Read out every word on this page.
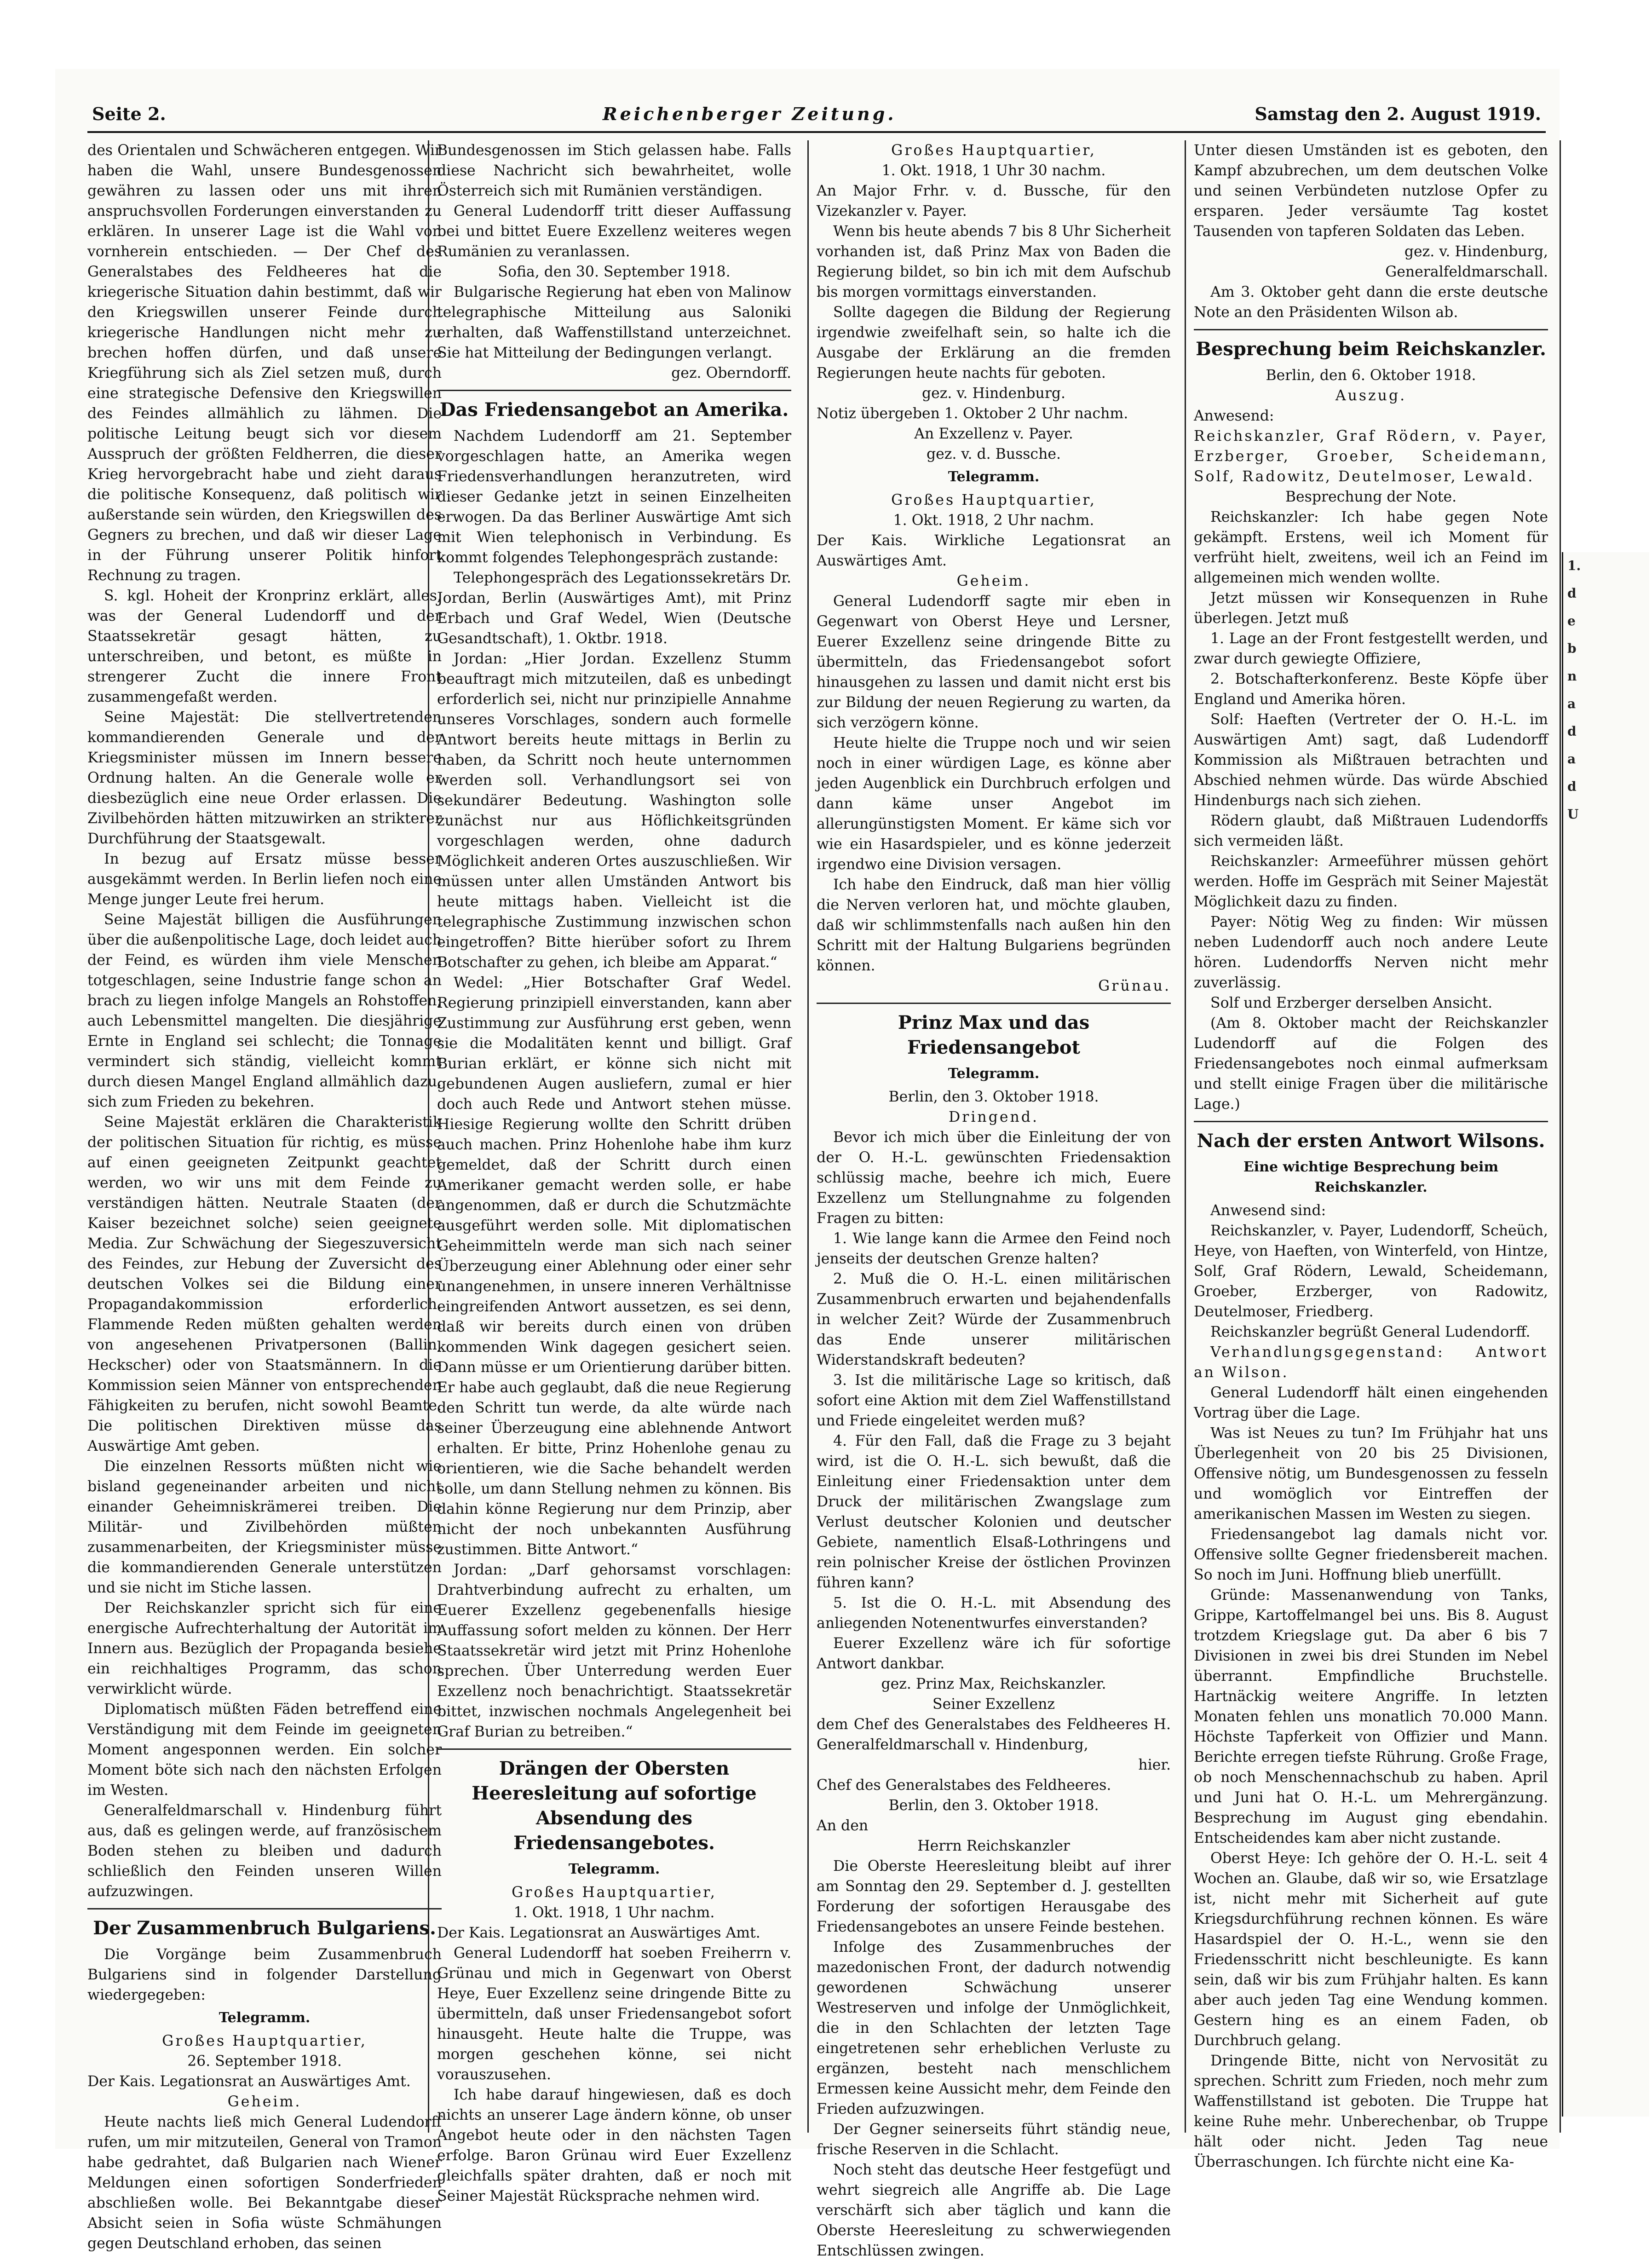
Seite 2.	Reichenberger Zeitung.	Samstag den 2. August 1919.

des Orientalen und Schwächeren entgegen. Wir haben die Wahl, unsere Bundesgenossen gewähren zu lassen oder uns mit ihren anspruchsvollen Forderungen einverstanden zu erklären. In unserer Lage ist die Wahl von vornherein entschieden. — Der Chef des Generalstabes des Feldheeres hat die kriegerische Situation dahin bestimmt, daß wir den Kriegswillen unserer Feinde durch kriegerische Handlungen nicht mehr zu brechen hoffen dürfen, und daß unsere Kriegführung sich als Ziel setzen muß, durch eine strategische Defensive den Kriegswillen des Feindes allmählich zu lähmen. Die politische Leitung beugt sich vor diesem Ausspruch der größten Feldherren, die dieser Krieg hervorgebracht habe und zieht daraus die politische Konsequenz, daß politisch wir außerstande sein würden, den Kriegswillen des Gegners zu brechen, und daß wir dieser Lage in der Führung unserer Politik hinfort Rechnung zu tragen.

S. kgl. Hoheit der Kronprinz erklärt, alles, was der General Ludendorff und der Staatssekretär gesagt hätten, zu unterschreiben, und betont, es müßte in strengerer Zucht die innere Front zusammengefaßt werden.

Seine Majestät: Die stellvertretenden kommandierenden Generale und der Kriegsminister müssen im Innern bessere Ordnung halten. An die Generale wolle er diesbezüglich eine neue Order erlassen. Die Zivilbehörden hätten mitzuwirken an strikterer Durchführung der Staatsgewalt.

In bezug auf Ersatz müsse besser ausgekämmt werden. In Berlin liefen noch eine Menge junger Leute frei herum.

Seine Majestät billigen die Ausführungen über die außenpolitische Lage, doch leidet auch der Feind, es würden ihm viele Menschen totgeschlagen, seine Industrie fange schon an brach zu liegen infolge Mangels an Rohstoffen; auch Lebensmittel mangelten. Die diesjährige Ernte in England sei schlecht; die Tonnage vermindert sich ständig, vielleicht kommt durch diesen Mangel England allmählich dazu, sich zum Frieden zu bekehren.

Seine Majestät erklären die Charakteristik der politischen Situation für richtig, es müsse auf einen geeigneten Zeitpunkt geachtet werden, wo wir uns mit dem Feinde zu verständigen hätten. Neutrale Staaten (der Kaiser bezeichnet solche) seien geeignete Media. Zur Schwächung der Siegeszuversicht des Feindes, zur Hebung der Zuversicht des deutschen Volkes sei die Bildung einer Propagandakommission erforderlich. Flammende Reden müßten gehalten werden von angesehenen Privatpersonen (Ballin, Heckscher) oder von Staatsmännern. In die Kommission seien Männer von entsprechenden Fähigkeiten zu berufen, nicht sowohl Beamte. Die politischen Direktiven müsse das Auswärtige Amt geben.

Die einzelnen Ressorts müßten nicht wie bisland gegeneinander arbeiten und nicht einander Geheimniskrämerei treiben. Die Militär- und Zivilbehörden müßten zusammenarbeiten, der Kriegsminister müsse die kommandierenden Generale unterstützen und sie nicht im Stiche lassen.

Der Reichskanzler spricht sich für eine energische Aufrechterhaltung der Autorität im Innern aus. Bezüglich der Propaganda besiehe ein reichhaltiges Programm, das schon verwirklicht würde.

Diplomatisch müßten Fäden betreffend eine Verständigung mit dem Feinde im geeigneten Moment angesponnen werden. Ein solcher Moment böte sich nach den nächsten Erfolgen im Westen.

Generalfeldmarschall v. Hindenburg führt aus, daß es gelingen werde, auf französischem Boden stehen zu bleiben und dadurch schließlich den Feinden unseren Willen aufzuzwingen.

Der Zusammenbruch Bulgariens.

Die Vorgänge beim Zusammenbruch Bulgariens sind in folgender Darstellung wiedergegeben:

Telegramm.
Großes Hauptquartier,
26. September 1918.

Der Kais. Legationsrat an Auswärtiges Amt.

Geheim.

Heute nachts ließ mich General Ludendorff rufen, um mir mitzuteilen, General von Tramon habe gedrahtet, daß Bulgarien nach Wiener Meldungen einen sofortigen Sonderfrieden abschließen wolle. Bei Bekanntgabe dieser Absicht seien in Sofia wüste Schmähungen gegen Deutschland erhoben, das seinen

Bundesgenossen im Stich gelassen habe. Falls diese Nachricht sich bewahrheitet, wolle Österreich sich mit Rumänien verständigen.

General Ludendorff tritt dieser Auffassung bei und bittet Euere Exzellenz weiteres wegen Rumänien zu veranlassen.

Sofia, den 30. September 1918.

Bulgarische Regierung hat eben von Malinow telegraphische Mitteilung aus Saloniki erhalten, daß Waffenstillstand unterzeichnet. Sie hat Mitteilung der Bedingungen verlangt.

gez. Oberndorff.
Das Friedensangebot an Amerika.

Nachdem Ludendorff am 21. September vorgeschlagen hatte, an Amerika wegen Friedensverhandlungen heranzutreten, wird dieser Gedanke jetzt in seinen Einzelheiten erwogen. Da das Berliner Auswärtige Amt sich mit Wien telephonisch in Verbindung. Es kommt folgendes Telephongespräch zustande:

Telephongespräch des Legationssekretärs Dr. Jordan, Berlin (Auswärtiges Amt), mit Prinz Erbach und Graf Wedel, Wien (Deutsche Gesandtschaft), 1. Oktbr. 1918.

Jordan: „Hier Jordan. Exzellenz Stumm beauftragt mich mitzuteilen, daß es unbedingt erforderlich sei, nicht nur prinzipielle Annahme unseres Vorschlages, sondern auch formelle Antwort bereits heute mittags in Berlin zu haben, da Schritt noch heute unternommen werden soll. Verhandlungsort sei von sekundärer Bedeutung. Washington solle zunächst nur aus Höflichkeitsgründen vorgeschlagen werden, ohne dadurch Möglichkeit anderen Ortes auszuschließen. Wir müssen unter allen Umständen Antwort bis heute mittags haben. Vielleicht ist die telegraphische Zustimmung inzwischen schon eingetroffen? Bitte hierüber sofort zu Ihrem Botschafter zu gehen, ich bleibe am Apparat.“

Wedel: „Hier Botschafter Graf Wedel. Regierung prinzipiell einverstanden, kann aber Zustimmung zur Ausführung erst geben, wenn sie die Modalitäten kennt und billigt. Graf Burian erklärt, er könne sich nicht mit gebundenen Augen ausliefern, zumal er hier doch auch Rede und Antwort stehen müsse. Hiesige Regierung wollte den Schritt drüben auch machen. Prinz Hohenlohe habe ihm kurz gemeldet, daß der Schritt durch einen Amerikaner gemacht werden solle, er habe angenommen, daß er durch die Schutzmächte ausgeführt werden solle. Mit diplomatischen Geheimmitteln werde man sich nach seiner Überzeugung einer Ablehnung oder einer sehr unangenehmen, in unsere inneren Verhältnisse eingreifenden Antwort aussetzen, es sei denn, daß wir bereits durch einen von drüben kommenden Wink dagegen gesichert seien. Dann müsse er um Orientierung darüber bitten. Er habe auch geglaubt, daß die neue Regierung den Schritt tun werde, da alte würde nach seiner Überzeugung eine ablehnende Antwort erhalten. Er bitte, Prinz Hohenlohe genau zu orientieren, wie die Sache behandelt werden solle, um dann Stellung nehmen zu können. Bis dahin könne Regierung nur dem Prinzip, aber nicht der noch unbekannten Ausführung zustimmen. Bitte Antwort.“

Jordan: „Darf gehorsamst vorschlagen: Drahtverbindung aufrecht zu erhalten, um Euerer Exzellenz gegebenenfalls hiesige Auffassung sofort melden zu können. Der Herr Staatssekretär wird jetzt mit Prinz Hohenlohe sprechen. Über Unterredung werden Euer Exzellenz noch benachrichtigt. Staatssekretär bittet, inzwischen nochmals Angelegenheit bei Graf Burian zu betreiben.“

Drängen der Obersten Heeresleitung auf sofortige Absendung des Friedensangebotes.
Telegramm.
Großes Hauptquartier,
1. Okt. 1918, 1 Uhr nachm.

Der Kais. Legationsrat an Auswärtiges Amt.

General Ludendorff hat soeben Freiherrn v. Grünau und mich in Gegenwart von Oberst Heye, Euer Exzellenz seine dringende Bitte zu übermitteln, daß unser Friedensangebot sofort hinausgeht. Heute halte die Truppe, was morgen geschehen könne, sei nicht vorauszusehen.

Ich habe darauf hingewiesen, daß es doch nichts an unserer Lage ändern könne, ob unser Angebot heute oder in den nächsten Tagen erfolge. Baron Grünau wird Euer Exzellenz gleichfalls später drahten, daß er noch mit Seiner Majestät Rücksprache nehmen wird.

Großes Hauptquartier,
1. Okt. 1918, 1 Uhr 30 nachm.

An Major Frhr. v. d. Bussche, für den Vizekanzler v. Payer.

Wenn bis heute abends 7 bis 8 Uhr Sicherheit vorhanden ist, daß Prinz Max von Baden die Regierung bildet, so bin ich mit dem Aufschub bis morgen vormittags einverstanden.

Sollte dagegen die Bildung der Regierung irgendwie zweifelhaft sein, so halte ich die Ausgabe der Erklärung an die fremden Regierungen heute nachts für geboten.

gez. v. Hindenburg.

Notiz übergeben 1. Oktober 2 Uhr nachm.

An Exzellenz v. Payer.
gez. v. d. Bussche.
Telegramm.
Großes Hauptquartier,
1. Okt. 1918, 2 Uhr nachm.

Der Kais. Wirkliche Legationsrat an Auswärtiges Amt.

Geheim.

General Ludendorff sagte mir eben in Gegenwart von Oberst Heye und Lersner, Euerer Exzellenz seine dringende Bitte zu übermitteln, das Friedensangebot sofort hinausgehen zu lassen und damit nicht erst bis zur Bildung der neuen Regierung zu warten, da sich verzögern könne.

Heute hielte die Truppe noch und wir seien noch in einer würdigen Lage, es könne aber jeden Augenblick ein Durchbruch erfolgen und dann käme unser Angebot im allerungünstigsten Moment. Er käme sich vor wie ein Hasardspieler, und es könne jederzeit irgendwo eine Division versagen.

Ich habe den Eindruck, daß man hier völlig die Nerven verloren hat, und möchte glauben, daß wir schlimmstenfalls nach außen hin den Schritt mit der Haltung Bulgariens begründen können.

Grünau.
Prinz Max und das Friedensangebot
Telegramm.
Berlin, den 3. Oktober 1918.
Dringend.

Bevor ich mich über die Einleitung der von der O. H.-L. gewünschten Friedensaktion schlüssig mache, beehre ich mich, Euere Exzellenz um Stellungnahme zu folgenden Fragen zu bitten:

1. Wie lange kann die Armee den Feind noch jenseits der deutschen Grenze halten?

2. Muß die O. H.-L. einen militärischen Zusammenbruch erwarten und bejahendenfalls in welcher Zeit? Würde der Zusammenbruch das Ende unserer militärischen Widerstandskraft bedeuten?

3. Ist die militärische Lage so kritisch, daß sofort eine Aktion mit dem Ziel Waffenstillstand und Friede eingeleitet werden muß?

4. Für den Fall, daß die Frage zu 3 bejaht wird, ist die O. H.-L. sich bewußt, daß die Einleitung einer Friedensaktion unter dem Druck der militärischen Zwangslage zum Verlust deutscher Kolonien und deutscher Gebiete, namentlich Elsaß-Lothringens und rein polnischer Kreise der östlichen Provinzen führen kann?

5. Ist die O. H.-L. mit Absendung des anliegenden Notenentwurfes einverstanden?

Euerer Exzellenz wäre ich für sofortige Antwort dankbar.

gez. Prinz Max, Reichskanzler.
Seiner Exzellenz

dem Chef des Generalstabes des Feldheeres H. Generalfeldmarschall v. Hindenburg,

hier.

Chef des Generalstabes des Feldheeres.

Berlin, den 3. Oktober 1918.

An den

Herrn Reichskanzler

Die Oberste Heeresleitung bleibt auf ihrer am Sonntag den 29. September d. J. gestellten Forderung der sofortigen Herausgabe des Friedensangebotes an unsere Feinde bestehen.

Infolge des Zusammenbruches der mazedonischen Front, der dadurch notwendig gewordenen Schwächung unserer Westreserven und infolge der Unmöglichkeit, die in den Schlachten der letzten Tage eingetretenen sehr erheblichen Verluste zu ergänzen, besteht nach menschlichem Ermessen keine Aussicht mehr, dem Feinde den Frieden aufzuzwingen.

Der Gegner seinerseits führt ständig neue, frische Reserven in die Schlacht.

Noch steht das deutsche Heer festgefügt und wehrt siegreich alle Angriffe ab. Die Lage verschärft sich aber täglich und kann die Oberste Heeresleitung zu schwerwiegenden Entschlüssen zwingen.

Unter diesen Umständen ist es geboten, den Kampf abzubrechen, um dem deutschen Volke und seinen Verbündeten nutzlose Opfer zu ersparen. Jeder versäumte Tag kostet Tausenden von tapferen Soldaten das Leben.

gez. v. Hindenburg,
Generalfeldmarschall.

Am 3. Oktober geht dann die erste deutsche Note an den Präsidenten Wilson ab.

Besprechung beim Reichskanzler.
Berlin, den 6. Oktober 1918.
Auszug.

Anwesend:

Reichskanzler, Graf Rödern, v. Payer, Erzberger, Groeber, Scheidemann, Solf, Radowitz, Deutelmoser, Lewald.

Besprechung der Note.

Reichskanzler: Ich habe gegen Note gekämpft. Erstens, weil ich Moment für verfrüht hielt, zweitens, weil ich an Feind im allgemeinen mich wenden wollte.

Jetzt müssen wir Konsequenzen in Ruhe überlegen. Jetzt muß

1. Lage an der Front festgestellt werden, und zwar durch gewiegte Offiziere,

2. Botschafterkonferenz. Beste Köpfe über England und Amerika hören.

Solf: Haeften (Vertreter der O. H.-L. im Auswärtigen Amt) sagt, daß Ludendorff Kommission als Mißtrauen betrachten und Abschied nehmen würde. Das würde Abschied Hindenburgs nach sich ziehen.

Rödern glaubt, daß Mißtrauen Ludendorffs sich vermeiden läßt.

Reichskanzler: Armeeführer müssen gehört werden. Hoffe im Gespräch mit Seiner Majestät Möglichkeit dazu zu finden.

Payer: Nötig Weg zu finden: Wir müssen neben Ludendorff auch noch andere Leute hören. Ludendorffs Nerven nicht mehr zuverlässig.

Solf und Erzberger derselben Ansicht.

(Am 8. Oktober macht der Reichskanzler Ludendorff auf die Folgen des Friedensangebotes noch einmal aufmerksam und stellt einige Fragen über die militärische Lage.)

Nach der ersten Antwort Wilsons.
Eine wichtige Besprechung beim Reichskanzler.

Anwesend sind:

Reichskanzler, v. Payer, Ludendorff, Scheüch, Heye, von Haeften, von Winterfeld, von Hintze, Solf, Graf Rödern, Lewald, Scheidemann, Groeber, Erzberger, von Radowitz, Deutelmoser, Friedberg.

Reichskanzler begrüßt General Ludendorff.

Verhandlungsgegenstand: Antwort an Wilson.

General Ludendorff hält einen eingehenden Vortrag über die Lage.

Was ist Neues zu tun? Im Frühjahr hat uns Überlegenheit von 20 bis 25 Divisionen, Offensive nötig, um Bundesgenossen zu fesseln und womöglich vor Eintreffen der amerikanischen Massen im Westen zu siegen.

Friedensangebot lag damals nicht vor. Offensive sollte Gegner friedensbereit machen. So noch im Juni. Hoffnung blieb unerfüllt.

Gründe: Massenanwendung von Tanks, Grippe, Kartoffelmangel bei uns. Bis 8. August trotzdem Kriegslage gut. Da aber 6 bis 7 Divisionen in zwei bis drei Stunden im Nebel überrannt. Empfindliche Bruchstelle. Hartnäckig weitere Angriffe. In letzten Monaten fehlen uns monatlich 70.000 Mann. Höchste Tapferkeit von Offizier und Mann. Berichte erregen tiefste Rührung. Große Frage, ob noch Menschennachschub zu haben. April und Juni hat O. H.-L. um Mehrergänzung. Besprechung im August ging ebendahin. Entscheidendes kam aber nicht zustande.

Oberst Heye: Ich gehöre der O. H.-L. seit 4 Wochen an. Glaube, daß wir so, wie Ersatzlage ist, nicht mehr mit Sicherheit auf gute Kriegsdurchführung rechnen können. Es wäre Hasardspiel der O. H.-L., wenn sie den Friedensschritt nicht beschleunigte. Es kann sein, daß wir bis zum Frühjahr halten. Es kann aber auch jeden Tag eine Wendung kommen. Gestern hing es an einem Faden, ob Durchbruch gelang.

Dringende Bitte, nicht von Nervosität zu sprechen. Schritt zum Frieden, noch mehr zum Waffenstillstand ist geboten. Die Truppe hat keine Ruhe mehr. Unberechenbar, ob Truppe hält oder nicht. Jeden Tag neue Überraschungen. Ich fürchte nicht eine Ka-

1.
d
e
b
n
a
d
a
d
U
